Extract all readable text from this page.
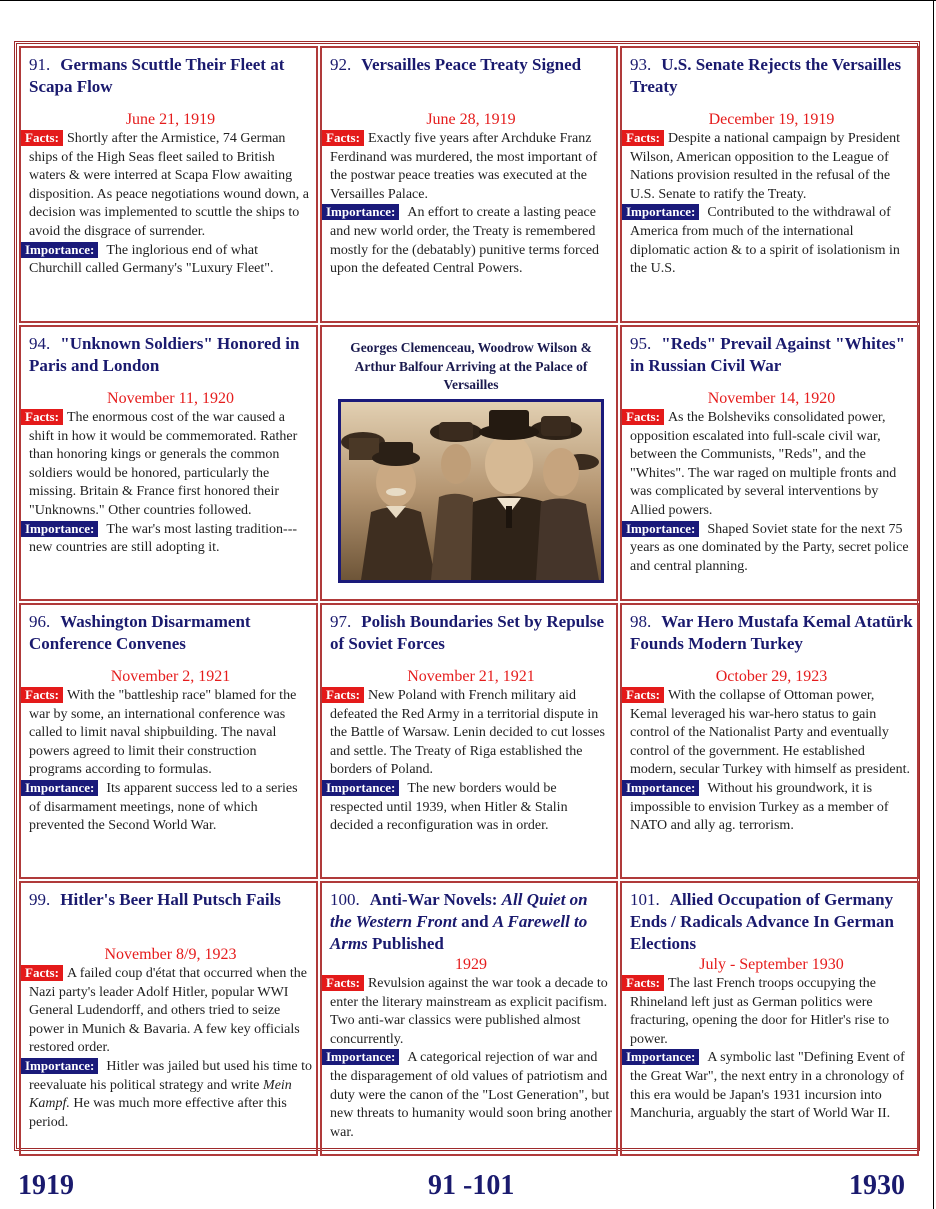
91. Germans Scuttle Their Fleet at Scapa Flow
June 21, 1919

Facts: Shortly after the Armistice, 74 German ships of the High Seas fleet sailed to British waters & were interred at Scapa Flow awaiting disposition. As peace negotiations wound down, a decision was implemented to scuttle the ships to avoid the disgrace of surrender.

Importance: The inglorious end of what Churchill called Germany's "Luxury Fleet".

92. Versailles Peace Treaty Signed
June 28, 1919

Facts: Exactly five years after Archduke Franz Ferdinand was murdered, the most important of the postwar peace treaties was executed at the Versailles Palace.

Importance: An effort to create a lasting peace and new world order, the Treaty is remembered mostly for the (debatably) punitive terms forced upon the defeated Central Powers.

93. U.S. Senate Rejects the Versailles Treaty
December 19, 1919

Facts: Despite a national campaign by President Wilson, American opposition to the League of Nations provision resulted in the refusal of the U.S. Senate to ratify the Treaty.

Importance: Contributed to the withdrawal of America from much of the international diplomatic action & to a spirit of isolationism in the U.S.

94. "Unknown Soldiers" Honored in Paris and London
November 11, 1920

Facts: The enormous cost of the war caused a shift in how it would be commemorated. Rather than honoring kings or generals the common soldiers would be honored, particularly the missing. Britain & France first honored their "Unknowns." Other countries followed.

Importance: The war's most lasting tradition---new countries are still adopting it.

Georges Clemenceau, Woodrow Wilson & Arthur Balfour Arriving at the Palace of Versailles
95. "Reds" Prevail Against "Whites" in Russian Civil War
November 14, 1920

Facts: As the Bolsheviks consolidated power, opposition escalated into full-scale civil war, between the Communists, "Reds", and the "Whites". The war raged on multiple fronts and was complicated by several interventions by Allied powers.

Importance: Shaped Soviet state for the next 75 years as one dominated by the Party, secret police and central planning.

96. Washington Disarmament Conference Convenes
November 2, 1921

Facts: With the "battleship race" blamed for the war by some, an international conference was called to limit naval shipbuilding. The naval powers agreed to limit their construction programs according to formulas.

Importance: Its apparent success led to a series of disarmament meetings, none of which prevented the Second World War.

97. Polish Boundaries Set by Repulse of Soviet Forces
November 21, 1921

Facts: New Poland with French military aid defeated the Red Army in a territorial dispute in the Battle of Warsaw. Lenin decided to cut losses and settle. The Treaty of Riga established the borders of Poland.

Importance: The new borders would be respected until 1939, when Hitler & Stalin decided a reconfiguration was in order.

98. War Hero Mustafa Kemal Atatürk Founds Modern Turkey
October 29, 1923

Facts: With the collapse of Ottoman power, Kemal leveraged his war-hero status to gain control of the Nationalist Party and eventually control of the government. He established modern, secular Turkey with himself as president.

Importance: Without his groundwork, it is impossible to envision Turkey as a member of NATO and ally ag. terrorism.

99. Hitler's Beer Hall Putsch Fails
November 8/9, 1923

Facts: A failed coup d'état that occurred when the Nazi party's leader Adolf Hitler, popular WWI General Ludendorff, and others tried to seize power in Munich & Bavaria. A few key officials restored order.

Importance: Hitler was jailed but used his time to reevaluate his political strategy and write Mein Kampf. He was much more effective after this period.

100. Anti-War Novels: All Quiet on the Western Front and A Farewell to Arms Published
1929

Facts: Revulsion against the war took a decade to enter the literary mainstream as explicit pacifism. Two anti-war classics were published almost concurrently.

Importance: A categorical rejection of war and the disparagement of old values of patriotism and duty were the canon of the "Lost Generation", but new threats to humanity would soon bring another war.

101. Allied Occupation of Germany Ends / Radicals Advance In German Elections
July - September 1930

Facts: The last French troops occupying the Rhineland left just as German politics were fracturing, opening the door for Hitler's rise to power.

Importance: A symbolic last "Defining Event of the Great War", the next entry in a chronology of this era would be Japan's 1931 incursion into Manchuria, arguably the start of World War II.

1919	91 -101	1930
